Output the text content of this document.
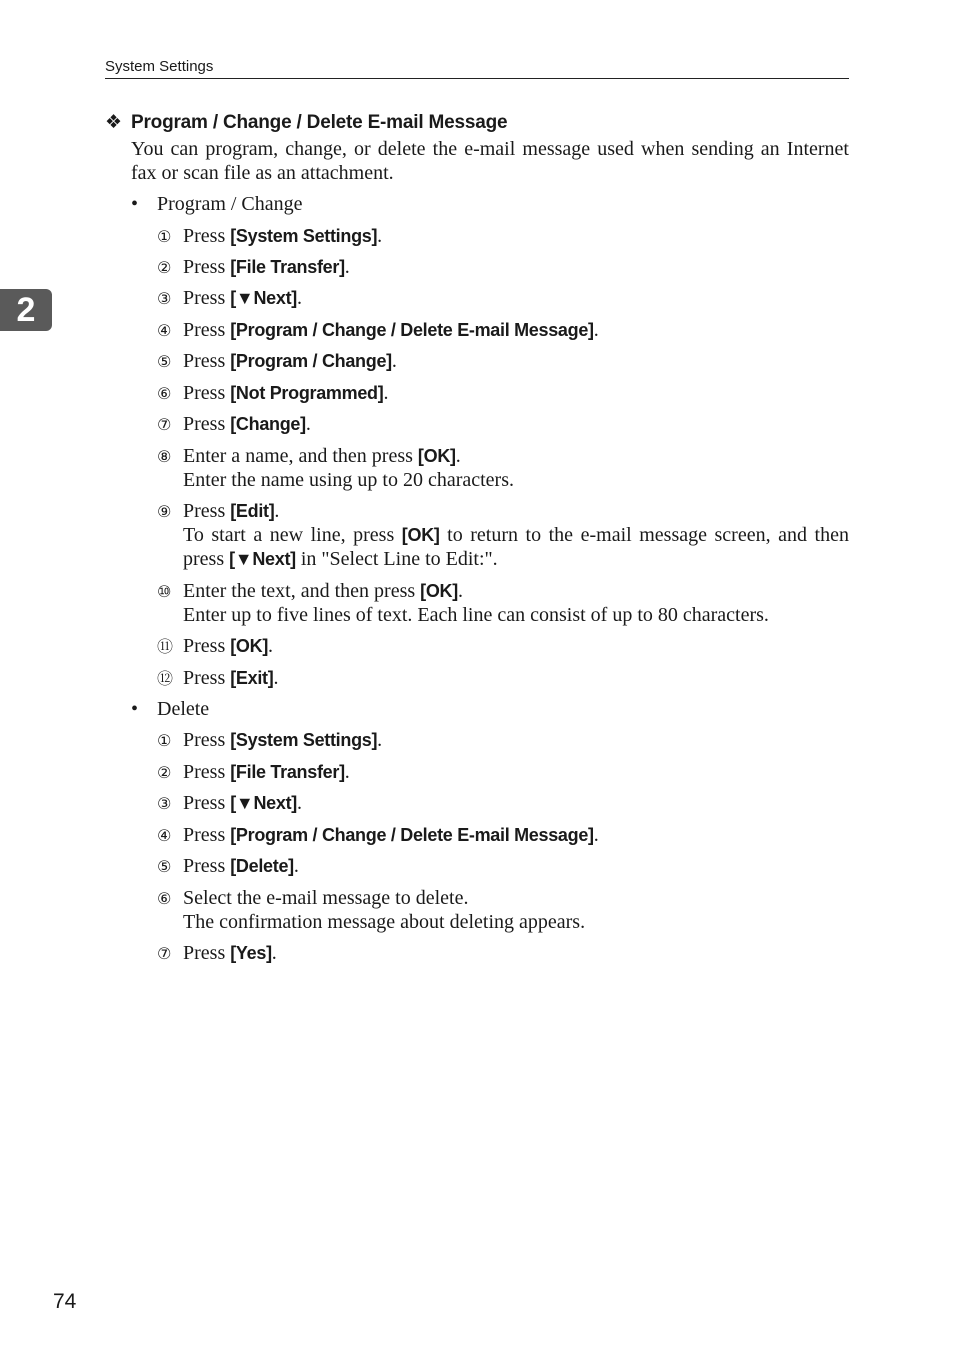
System Settings
2
❖ Program / Change / Delete E-mail Message
You can program, change, or delete the e-mail message used when sending an Internet fax or scan file as an attachment.
• Program / Change
① Press [System Settings].
② Press [File Transfer].
③ Press [▼Next].
④ Press [Program / Change / Delete E-mail Message].
⑤ Press [Program / Change].
⑥ Press [Not Programmed].
⑦ Press [Change].
⑧ Enter a name, and then press [OK].
Enter the name using up to 20 characters.
⑨ Press [Edit].
To start a new line, press [OK] to return to the e-mail message screen, and then press [▼Next] in "Select Line to Edit:".
⑩ Enter the text, and then press [OK].
Enter up to five lines of text. Each line can consist of up to 80 characters.
⑪ Press [OK].
⑫ Press [Exit].
• Delete
① Press [System Settings].
② Press [File Transfer].
③ Press [▼Next].
④ Press [Program / Change / Delete E-mail Message].
⑤ Press [Delete].
⑥ Select the e-mail message to delete.
The confirmation message about deleting appears.
⑦ Press [Yes].
74
